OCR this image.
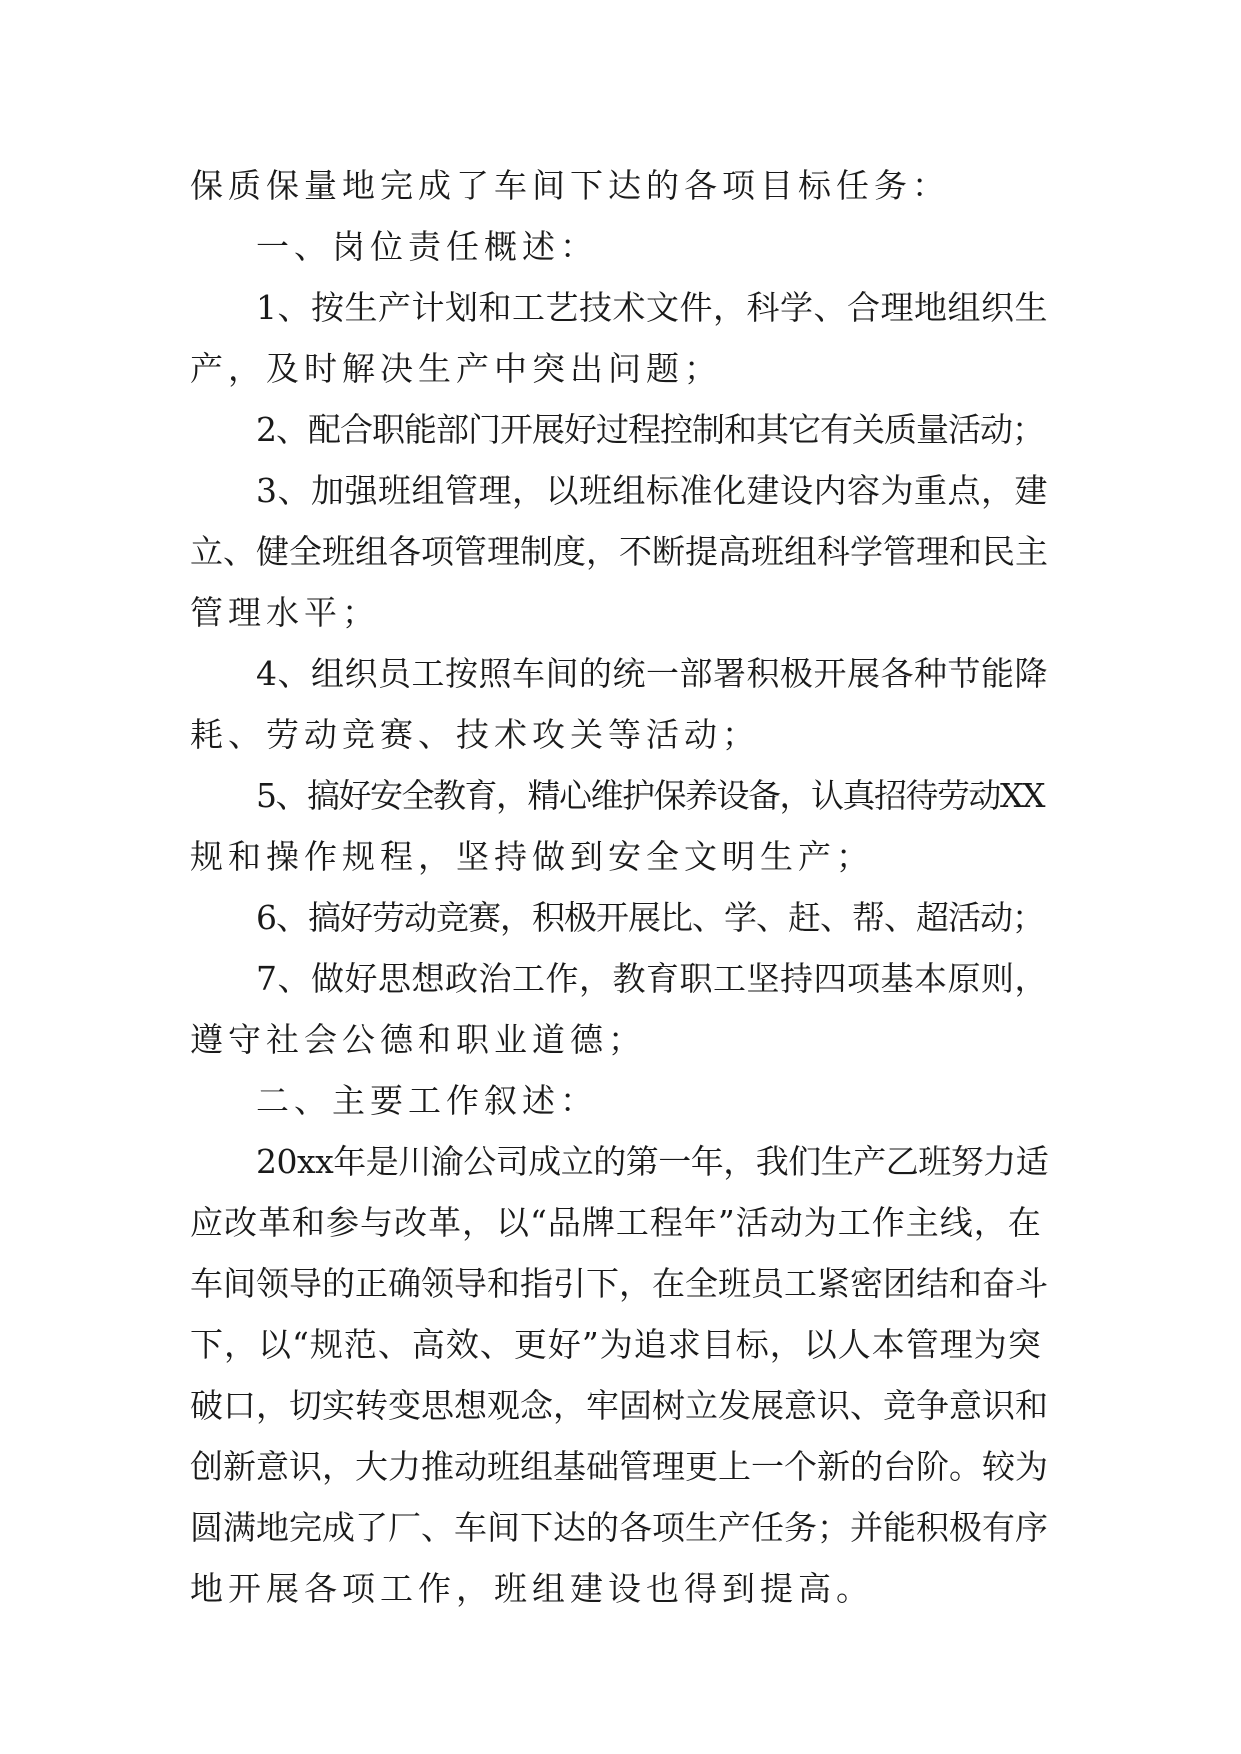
保质保量地完成了车间下达的各项目标任务：
一、岗位责任概述：
1、按生产计划和工艺技术文件，科学、合理地组织生
产，及时解决生产中突出问题；
2、配合职能部门开展好过程控制和其它有关质量活动；
3、加强班组管理，以班组标准化建设内容为重点，建
立、健全班组各项管理制度，不断提高班组科学管理和民主
管理水平；
4、组织员工按照车间的统一部署积极开展各种节能降
耗、劳动竞赛、技术攻关等活动；
5、搞好安全教育，精心维护保养设备，认真招待劳动XX
规和操作规程，坚持做到安全文明生产；
6、搞好劳动竞赛，积极开展比、学、赶、帮、超活动；
7、做好思想政治工作，教育职工坚持四项基本原则，
遵守社会公德和职业道德；
二、主要工作叙述：
20xx年是川渝公司成立的第一年，我们生产乙班努力适
应改革和参与改革，以“品牌工程年”活动为工作主线，在
车间领导的正确领导和指引下，在全班员工紧密团结和奋斗
下，以“规范、高效、更好”为追求目标，以人本管理为突
破口，切实转变思想观念，牢固树立发展意识、竞争意识和
创新意识，大力推动班组基础管理更上一个新的台阶。较为
圆满地完成了厂、车间下达的各项生产任务；并能积极有序
地开展各项工作，班组建设也得到提高。
